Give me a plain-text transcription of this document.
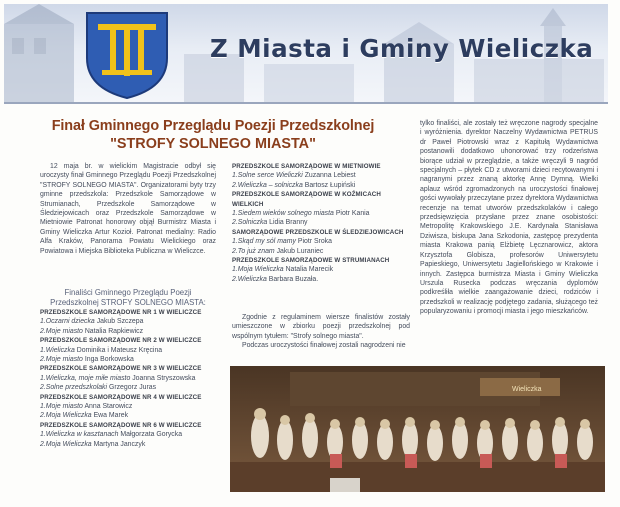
Z Miasta i Gminy Wieliczka
Finał Gminnego Przeglądu Poezji Przedszkolnej
"STROFY SOLNEGO MIASTA"
12 maja br. w wielickim Magistracie odbył się uroczysty finał Gminnego Przeglądu Poezji Przedszkolnej "STROFY SOLNEGO MIASTA". Organizatorami byty trzy gminne przedszkola: Przedszkole Samorządowe w Strumianach, Przedszkole Samorządowe w Śledziejowicach oraz Przedszkole Samorządowe w Mietniowie Patronat honorowy objął Burmistrz Miasta i Gminy Wieliczka Artur Kozioł. Patronat medialny: Radio Alfa Kraków, Panorama Powiatu Wielickiego oraz Powiatowa i Miejska Biblioteka Publiczna w Wieliczce.

Finaliści Gminnego Przeglądu Poezji Przedszkolnej STROFY SOLNEGO MIASTA:

PRZEDSZKOLE SAMORZĄDOWE NR 1 W WIELICZCE

1.Oczarni dziecka Jakub Szczepa

2.Moje miasto Natalia Rapkiewicz

PRZEDSZKOLE SAMORZĄDOWE NR 2 W WIELICZCE

1.Wieliczka Dominika i Mateusz Kręcina

2.Moje miasto Inga Borkowska

PRZEDSZKOLE SAMORZĄDOWE NR 3 W WIELICZCE

1.Wieliczka, moje miłe miasto Joanna Stryszowska

2.Solne przedszkolaki Grzegorz Juras

PRZEDSZKOLE SAMORZĄDOWE NR 4 W WIELICZCE

1.Moje miasto Anna Starowicz

2.Moja Wieliczka Ewa Marek

PRZEDSZKOLE SAMORZĄDOWE NR 6 W WIELICZCE

1.Wieliczka w kasztanach Małgorzata Gorycka

2.Moja Wieliczka Martyna Janczyk

PRZEDSZKOLE SAMORZĄDOWE W MIETNIOWIE

1.Solne serce Wieliczki Zuzanna Lebiest

2.Wieliczka – solniczka Bartosz Łupiński

PRZEDSZKOLE SAMORZĄDOWE W KOŹMICACH WIELKICH

1.Siedem wieków solnego miasta Piotr Kania

2.Solniczka Lidia Branny

SAMORZĄDOWE PRZEDSZKOLE W ŚLEDZIEJOWICACH

1.Skąd my sól mamy Piotr Sroka

2.To już znam Jakub Luraniec

PRZEDSZKOLE SAMORZĄDOWE W STRUMIANACH

1.Moja Wieliczka Natalia Marecik

2.Wieliczka Barbara Buzała.

Zgodnie z regulaminem wiersze finalistów zostały umieszczone w zbiorku poezji przedszkolnej pod wspólnym tytułem: "Strofy solnego miasta".

Podczas uroczystości finałowej zostali nagrodzeni nie

tylko finaliści, ale zostały też wręczone nagrody specjalne i wyróżnienia. dyrektor Naczelny Wydawnictwa PETRUS dr Paweł Piotrowski wraz z Kapitułą Wydawnictwa postanowili dodatkowo uhonorować trzy rodzeństwa biorące udział w przeglądzie, a także wręczyli 9 nagród specjalnych – płytek CD z utworami dzieci recytowanymi i nagranymi przez znaną aktorkę Annę Dymną. Wielki aplauz wśród zgromadzonych na uroczystości finałowej gości wywołały przeczytane przez dyrektora Wydawnictwa recenzje na temat utworów przedszkolaków i całego przedsięwzięcia przysłane przez znane osobistości: Metropolitę Krakowskiego J.E. Kardynała Stanisława Dziwisza, biskupa Jana Szkodonia, zastępcę prezydenta miasta Krakowa panią Elżbietę Lęcznarowicz, aktora Krzysztofa Globisza, profesorów Uniwersytetu Papieskiego, Uniwersytetu Jagiellońskiego w Krakowie i innych. Zastępca burmistrza Miasta i Gminy Wieliczka Urszula Rusecka podczas wręczania dyplomów podkreśliła wielkie zaangażowanie dzieci, rodziców i przedszkoli w realizację podjętego zadania, służącego też popularyzowaniu i promocji miasta i jego mieszkańców.
Wieliczka
